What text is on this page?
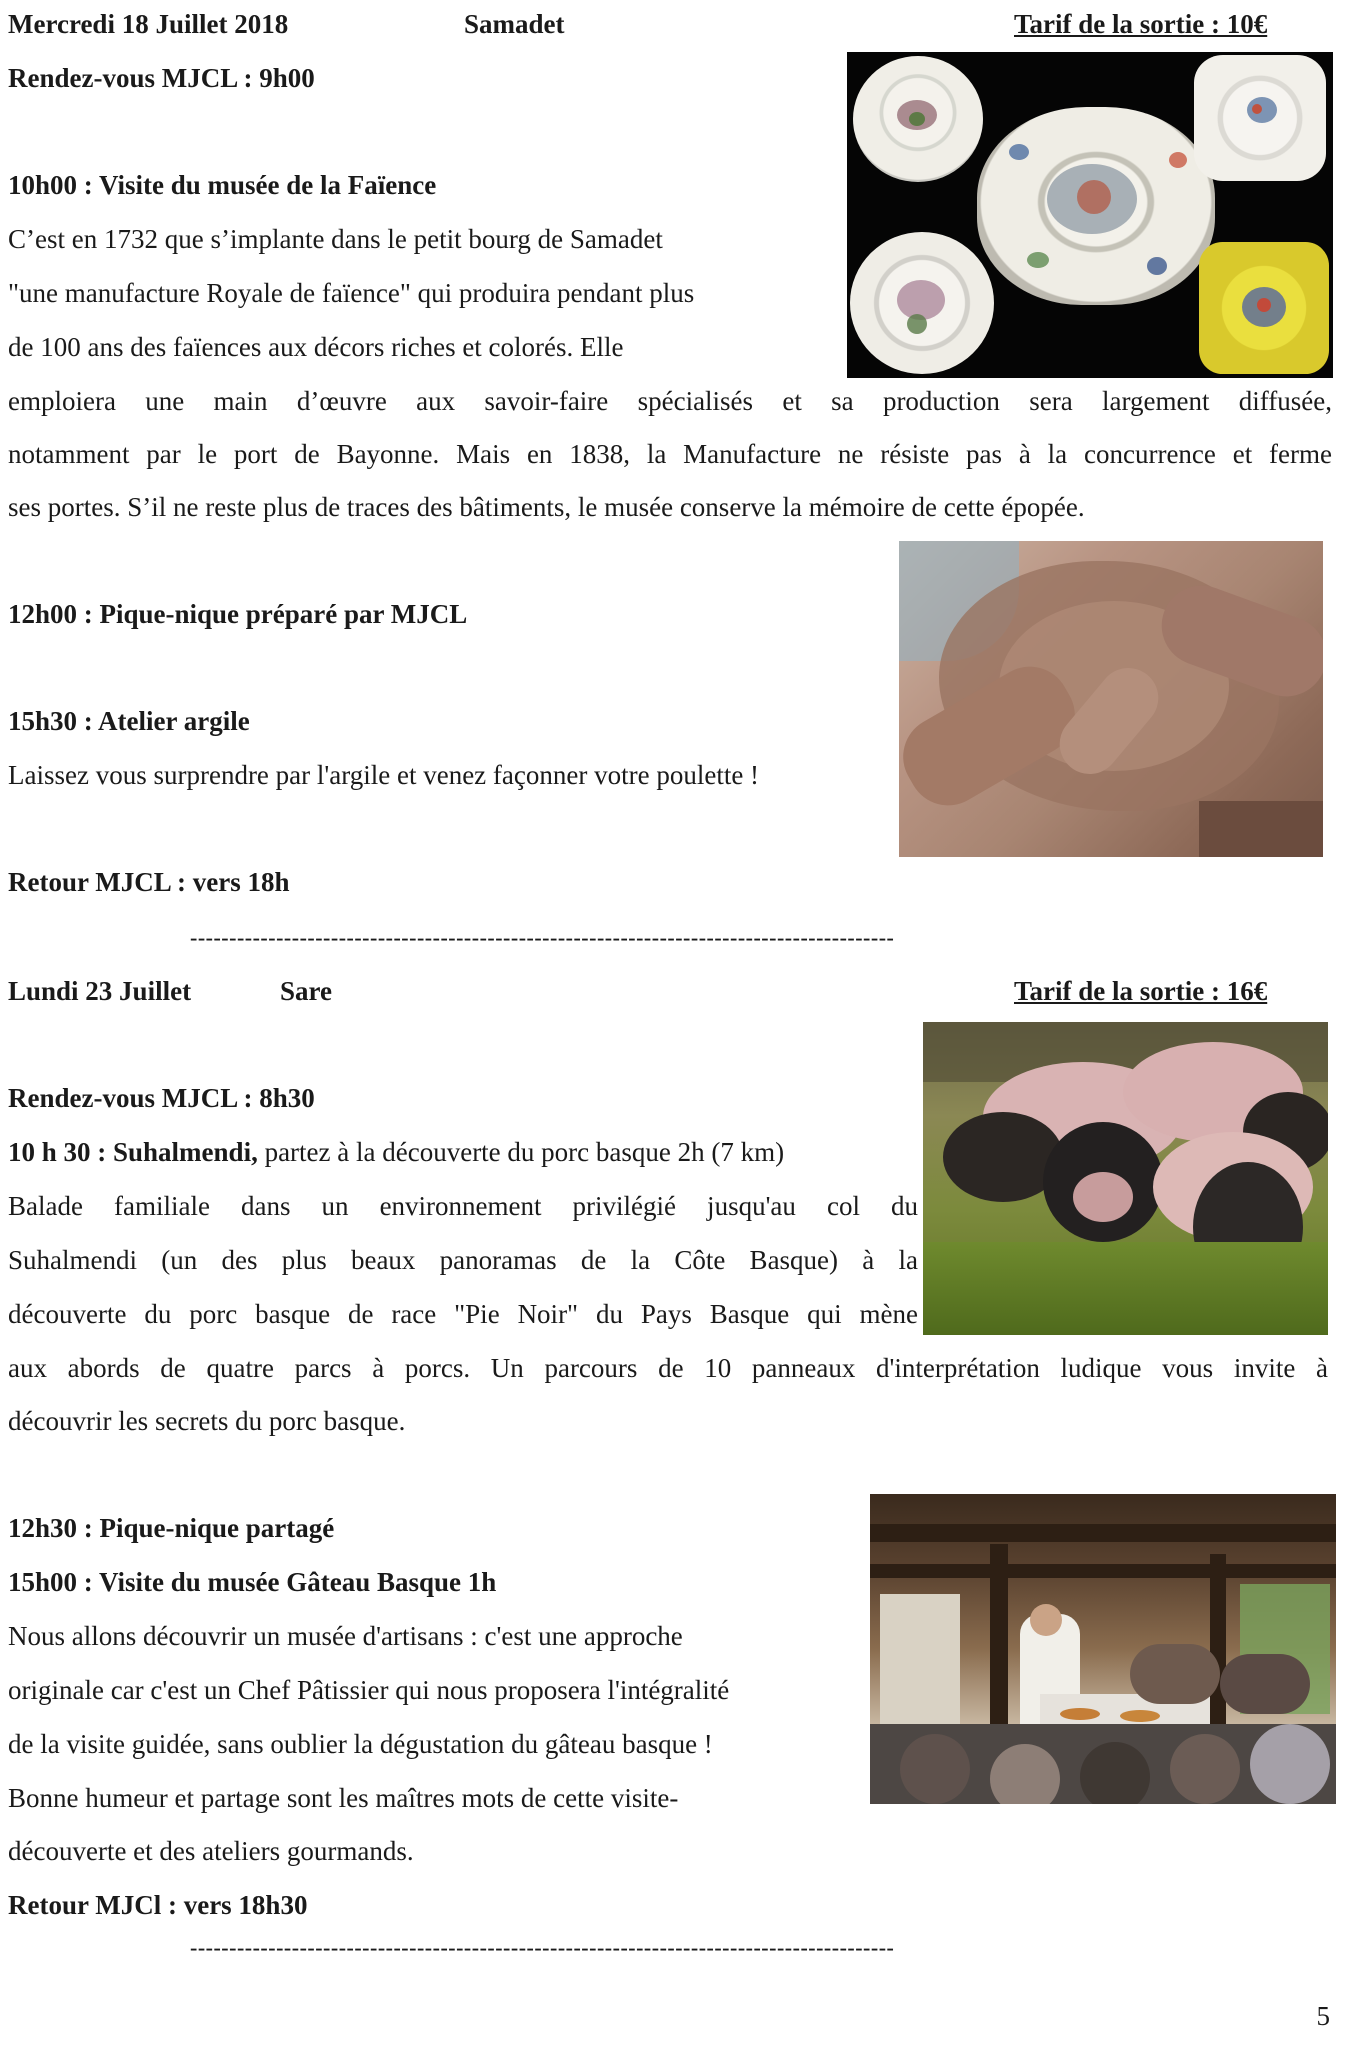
Mercredi 18 Juillet 2018	Samadet	Tarif de la sortie : 10€
Rendez-vous MJCL : 9h00
10h00 : Visite du musée de la Faïence
C’est en 1732 que s’implante dans le petit bourg de Samadet
"une manufacture Royale de faïence" qui produira pendant plus
de 100 ans des faïences aux décors riches et colorés. Elle
emploiera une main d’œuvre aux savoir-faire spécialisés et sa production sera largement diffusée,
notamment par le port de Bayonne. Mais en 1838, la Manufacture ne résiste pas à la concurrence et ferme
ses portes. S’il ne reste plus de traces des bâtiments, le musée conserve la mémoire de cette épopée.
12h00 : Pique-nique préparé par MJCL
15h30 : Atelier argile
Laissez vous surprendre par l'argile et venez façonner votre poulette !
Retour MJCL : vers 18h
------------------------------------------------------------------------------------------
Lundi 23 Juillet	Sare	Tarif de la sortie : 16€
Rendez-vous MJCL : 8h30
10 h 30 : Suhalmendi, partez à la découverte du porc basque 2h (7 km)
Balade familiale dans un environnement privilégié jusqu'au col du
Suhalmendi (un des plus beaux panoramas de la Côte Basque) à la
découverte du porc basque de race "Pie Noir" du Pays Basque qui mène
aux abords de quatre parcs à porcs. Un parcours de 10 panneaux d'interprétation ludique vous invite à
découvrir les secrets du porc basque.
12h30 : Pique-nique partagé
15h00 : Visite du musée Gâteau Basque 1h
Nous allons découvrir un musée d'artisans : c'est une approche
originale car c'est un Chef Pâtissier qui nous proposera l'intégralité
de la visite guidée, sans oublier la dégustation du gâteau basque !
Bonne humeur et partage sont les maîtres mots de cette visite-
découverte et des ateliers gourmands.
Retour MJCl : vers 18h30
------------------------------------------------------------------------------------------
5
